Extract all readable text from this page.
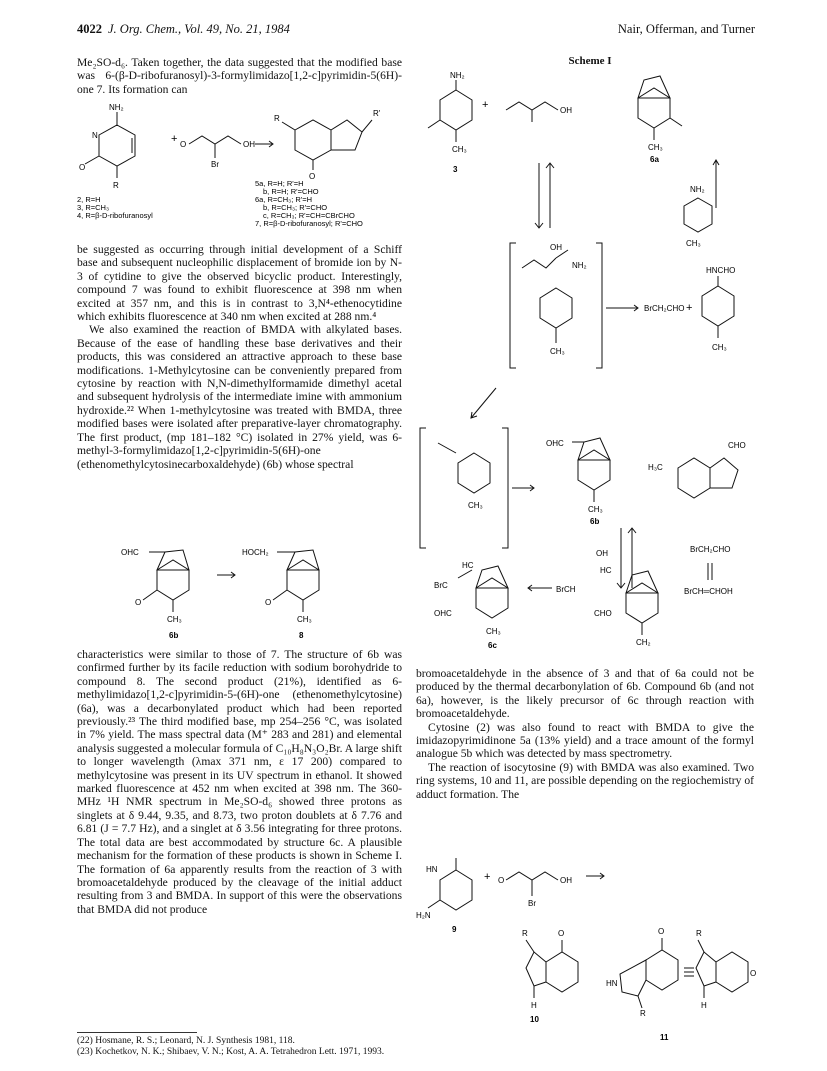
4022 J. Org. Chem., Vol. 49, No. 21, 1984	Nair, Offerman, and Turner

Me₂SO-d₆. Taken together, the data suggested that the modified base was 6-(β-D-ribofuranosyl)-3-formylimidazo[1,2-c]pyrimidin-5(6H)-one 7. Its formation can

NH₂
N
O
R
+ O	OH
Br
R
R'
O
5a, R=H; R'=H
b, R=H; R'=CHO
6a, R=CH₃; R'=H
b, R=CH₃; R'=CHO
c, R=CH₃; R'=CH=CBrCHO
7, R=β-D-ribofuranosyl; R'=CHO
2, R=H
3, R=CH₃
4, R=β-D-ribofuranosyl

be suggested as occurring through initial development of a Schiff base and subsequent nucleophilic displacement of bromide ion by N-3 of cytidine to give the observed bicyclic product. Interestingly, compound 7 was found to exhibit fluorescence at 398 nm when excited at 357 nm, and this is in contrast to 3,N⁴-ethenocytidine which exhibits fluorescence at 340 nm when excited at 288 nm.⁴

We also examined the reaction of BMDA with alkylated bases. Because of the ease of handling these base derivatives and their products, this was considered an attractive approach to these base modifications. 1-Methylcytosine can be conveniently prepared from cytosine by reaction with N,N-dimethylformamide dimethyl acetal and subsequent hydrolysis of the intermediate imine with ammonium hydroxide.²² When 1-methylcytosine was treated with BMDA, three modified bases were isolated after preparative-layer chromatography. The first product, (mp 181–182 °C) isolated in 27% yield, was 6-methyl-3-formylimidazo[1,2-c]pyrimidin-5(6H)-one (ethenomethylcytosinecarboxaldehyde) (6b) whose spectral

OHC
O
CH₃
HOCH₂
O
CH₃
6b	8

characteristics were similar to those of 7. The structure of 6b was confirmed further by its facile reduction with sodium borohydride to compound 8. The second product (21%), identified as 6-methylimidazo[1,2-c]pyrimidin-5-(6H)-one (ethenomethylcytosine) (6a), was a decarbonylated product which had been reported previously.²³ The third modified base, mp 254–256 °C, was isolated in 7% yield. The mass spectral data (M⁺ 283 and 281) and elemental analysis suggested a molecular formula of C₁₀H₈N₃O₂Br. A large shift to longer wavelength (λmax 371 nm, ε 17 200) compared to methylcytosine was present in its UV spectrum in ethanol. It showed marked fluorescence at 452 nm when excited at 398 nm. The 360-MHz ¹H NMR spectrum in Me₂SO-d₆ showed three protons as singlets at δ 9.44, 9.35, and 8.73, two proton doublets at δ 7.76 and 6.81 (J = 7.7 Hz), and a singlet at δ 3.56 integrating for three protons. The total data are best accommodated by structure 6c. A plausible mechanism for the formation of these products is shown in Scheme I. The formation of 6a apparently results from the reaction of 3 with bromoacetaldehyde produced by the cleavage of the initial adduct resulting from 3 and BMDA. In support of this were the observations that BMDA did not produce

Scheme I
NH₂
CH₃
3
+	OH
CH₃
6a
NH₂
CH₃
OH
NH₂
CH₃
BrCH₂CHO +
HNCHO
CH₃
CH₃
OHC
CH₃
6b
H₃C
CHO
BrCH₂CHO
BrCH═CHOH
HC
BrC
OHC
CH₃
6c
OH
HC
BrCH
CHO
CH₂

bromoacetaldehyde in the absence of 3 and that of 6a could not be produced by the thermal decarbonylation of 6b. Compound 6b (and not 6a), however, is the likely precursor of 6c through reaction with bromoacetaldehyde.

Cytosine (2) was also found to react with BMDA to give the imidazopyrimidinone 5a (13% yield) and a trace amount of the formyl analogue 5b which was detected by mass spectrometry.

The reaction of isocytosine (9) with BMDA was also examined. Two ring systems, 10 and 11, are possible depending on the regiochemistry of adduct formation. The

HN
H₂N
9
+ O	OH
Br
R	O
H
10
HN
O
R
R
O
H
11

(22) Hosmane, R. S.; Leonard, N. J. Synthesis 1981, 118.

(23) Kochetkov, N. K.; Shibaev, V. N.; Kost, A. A. Tetrahedron Lett. 1971, 1993.
